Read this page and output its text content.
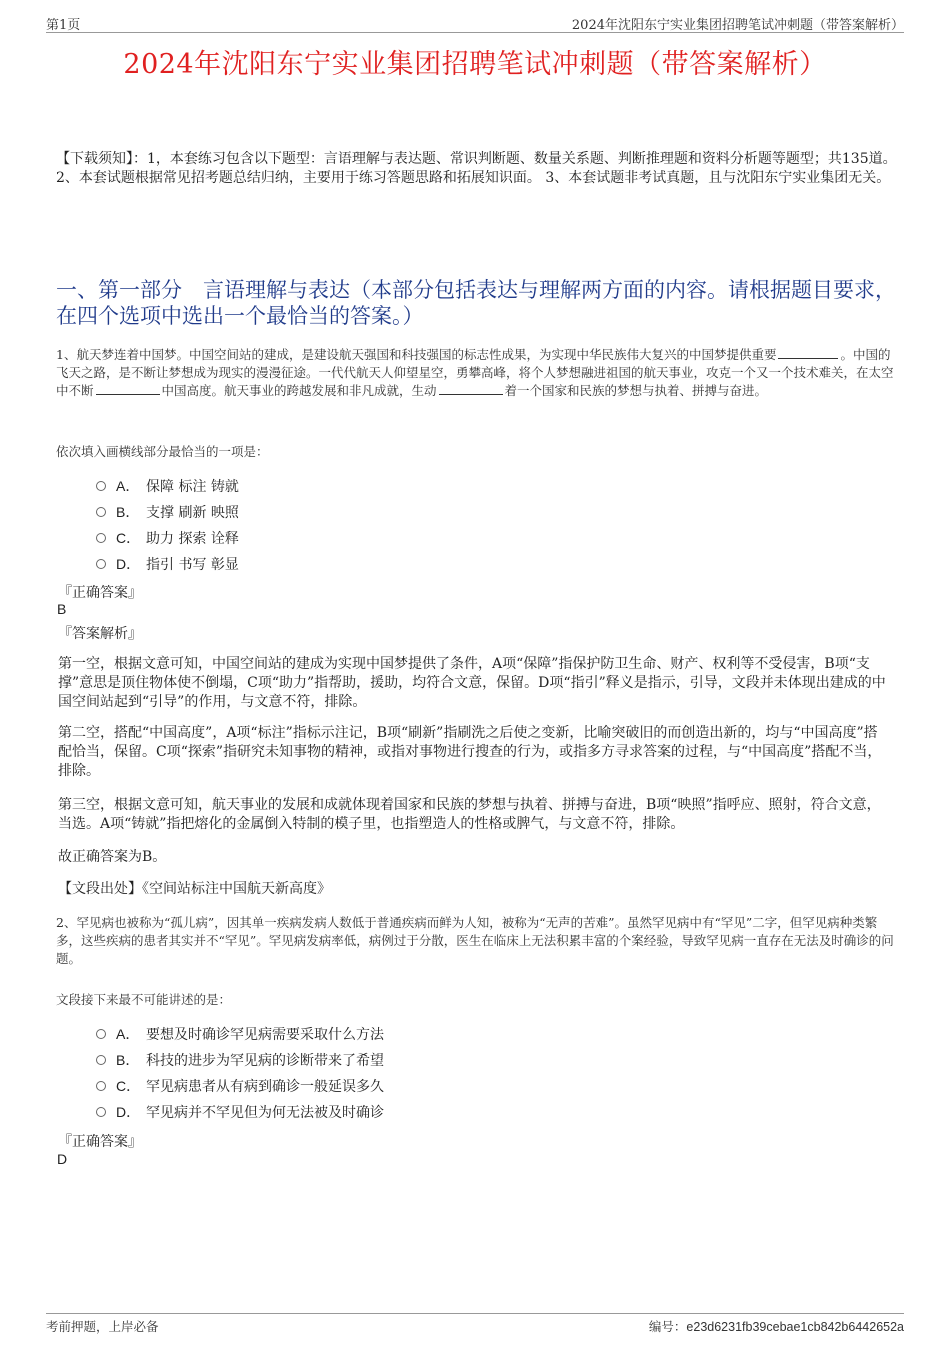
第1页	2024年沈阳东宁实业集团招聘笔试冲刺题（带答案解析）
2024年沈阳东宁实业集团招聘笔试冲刺题（带答案解析）
【下载须知】：1，本套练习包含以下题型：言语理解与表达题、常识判断题、数量关系题、判断推理题和资料分析题等题型；共135道。 2、本套试题根据常见招考题总结归纳，主要用于练习答题思路和拓展知识面。 3、本套试题非考试真题，且与沈阳东宁实业集团无关。
一、第一部分　言语理解与表达（本部分包括表达与理解两方面的内容。请根据题目要求，在四个选项中选出一个最恰当的答案。）
1、航天梦连着中国梦。中国空间站的建成，是建设航天强国和科技强国的标志性成果，为实现中华民族伟大复兴的中国梦提供重要	。中国的飞天之路，是不断让梦想成为现实的漫漫征途。一代代航天人仰望星空，勇攀高峰，将个人梦想融进祖国的航天事业，攻克一个又一个技术难关，在太空中不断	中国高度。航天事业的跨越发展和非凡成就，生动	着一个国家和民族的梦想与执着、拼搏与奋进。
依次填入画横线部分最恰当的一项是：
A． 保障 标注 铸就
B． 支撑 刷新 映照
C． 助力 探索 诠释
D． 指引 书写 彰显
『正确答案』
B
『答案解析』
第一空，根据文意可知，中国空间站的建成为实现中国梦提供了条件，A项“保障”指保护防卫生命、财产、权利等不受侵害，B项“支撑”意思是顶住物体使不倒塌，C项“助力”指帮助，援助，均符合文意，保留。D项“指引”释义是指示，引导，文段并未体现出建成的中国空间站起到“引导”的作用，与文意不符，排除。
第二空，搭配“中国高度”，A项“标注”指标示注记，B项“刷新”指刷洗之后使之变新，比喻突破旧的而创造出新的，均与“中国高度”搭配恰当，保留。C项“探索”指研究未知事物的精神，或指对事物进行搜查的行为，或指多方寻求答案的过程，与“中国高度”搭配不当，排除。
第三空，根据文意可知，航天事业的发展和成就体现着国家和民族的梦想与执着、拼搏与奋进，B项“映照”指呼应、照射，符合文意，当选。A项“铸就”指把熔化的金属倒入特制的模子里，也指塑造人的性格或脾气，与文意不符，排除。
故正确答案为B。
【文段出处】《空间站标注中国航天新高度》
2、罕见病也被称为“孤儿病”，因其单一疾病发病人数低于普通疾病而鲜为人知，被称为“无声的苦难”。虽然罕见病中有“罕见”二字，但罕见病种类繁多，这些疾病的患者其实并不“罕见”。罕见病发病率低，病例过于分散，医生在临床上无法积累丰富的个案经验，导致罕见病一直存在无法及时确诊的问题。
文段接下来最不可能讲述的是：
A． 要想及时确诊罕见病需要采取什么方法
B． 科技的进步为罕见病的诊断带来了希望
C． 罕见病患者从有病到确诊一般延误多久
D． 罕见病并不罕见但为何无法被及时确诊
『正确答案』
D
考前押题，上岸必备	编号：e23d6231fb39cebae1cb842b6442652a
